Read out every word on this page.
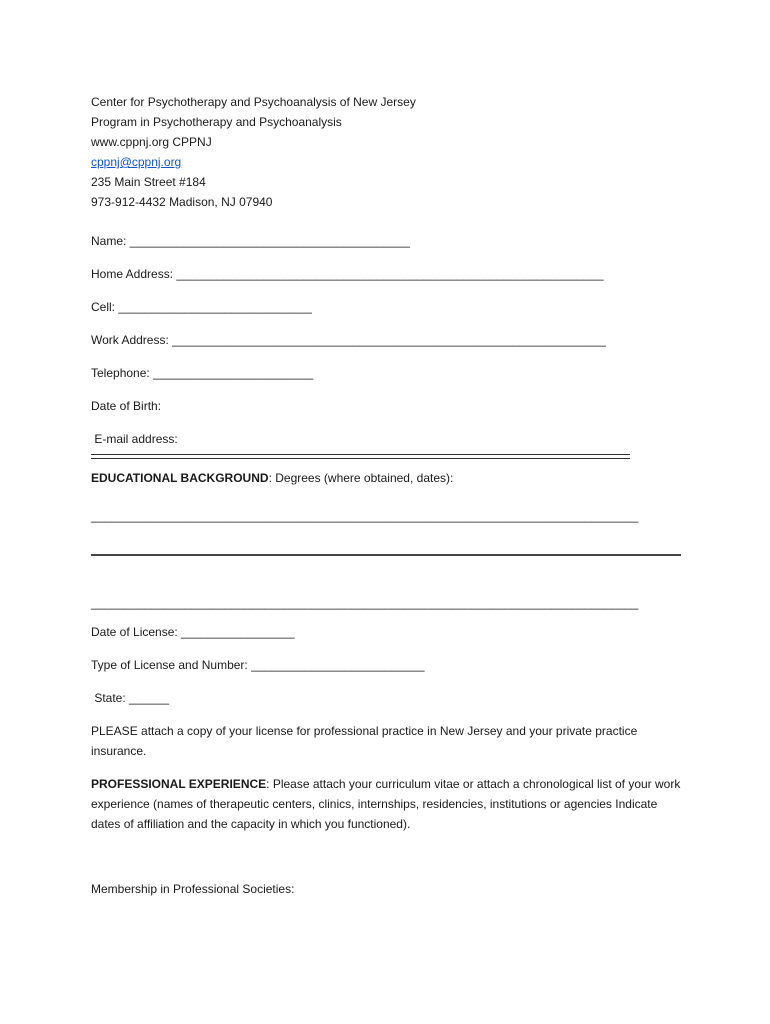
Center for Psychotherapy and Psychoanalysis of New Jersey
Program in Psychotherapy and Psychoanalysis
www.cppnj.org CPPNJ
cppnj@cppnj.org
235 Main Street #184
973-912-4432 Madison, NJ 07940
Name: __________________________________________
Home Address: ________________________________________________________________
Cell: _____________________________
Work Address: _________________________________________________________________
Telephone: ________________________
Date of Birth:
E-mail address:
EDUCATIONAL BACKGROUND: Degrees (where obtained, dates):
__________________________________________________________________________________
__________________________________________________________________________________
Date of License: _________________
Type of License and Number: __________________________
State: ______
PLEASE attach a copy of your license for professional practice in New Jersey and your private practice insurance.
PROFESSIONAL EXPERIENCE: Please attach your curriculum vitae or attach a chronological list of your work experience (names of therapeutic centers, clinics, internships, residencies, institutions or agencies Indicate dates of affiliation and the capacity in which you functioned).
Membership in Professional Societies:
